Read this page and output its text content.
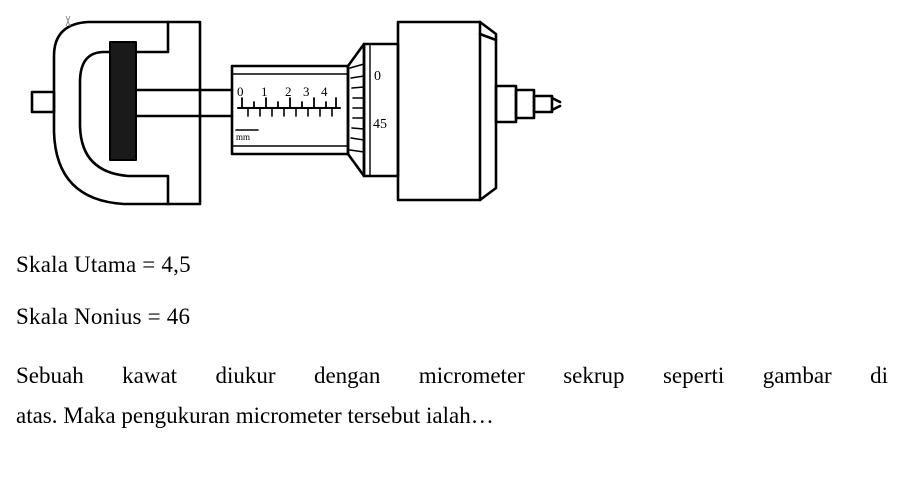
0 1 2 3 4
mm
0
45
Skala Utama = 4,5
Skala Nonius = 46
Sebuah kawat diukur dengan micrometer sekrup seperti gambar di
atas. Maka pengukuran micrometer tersebut ialah…
